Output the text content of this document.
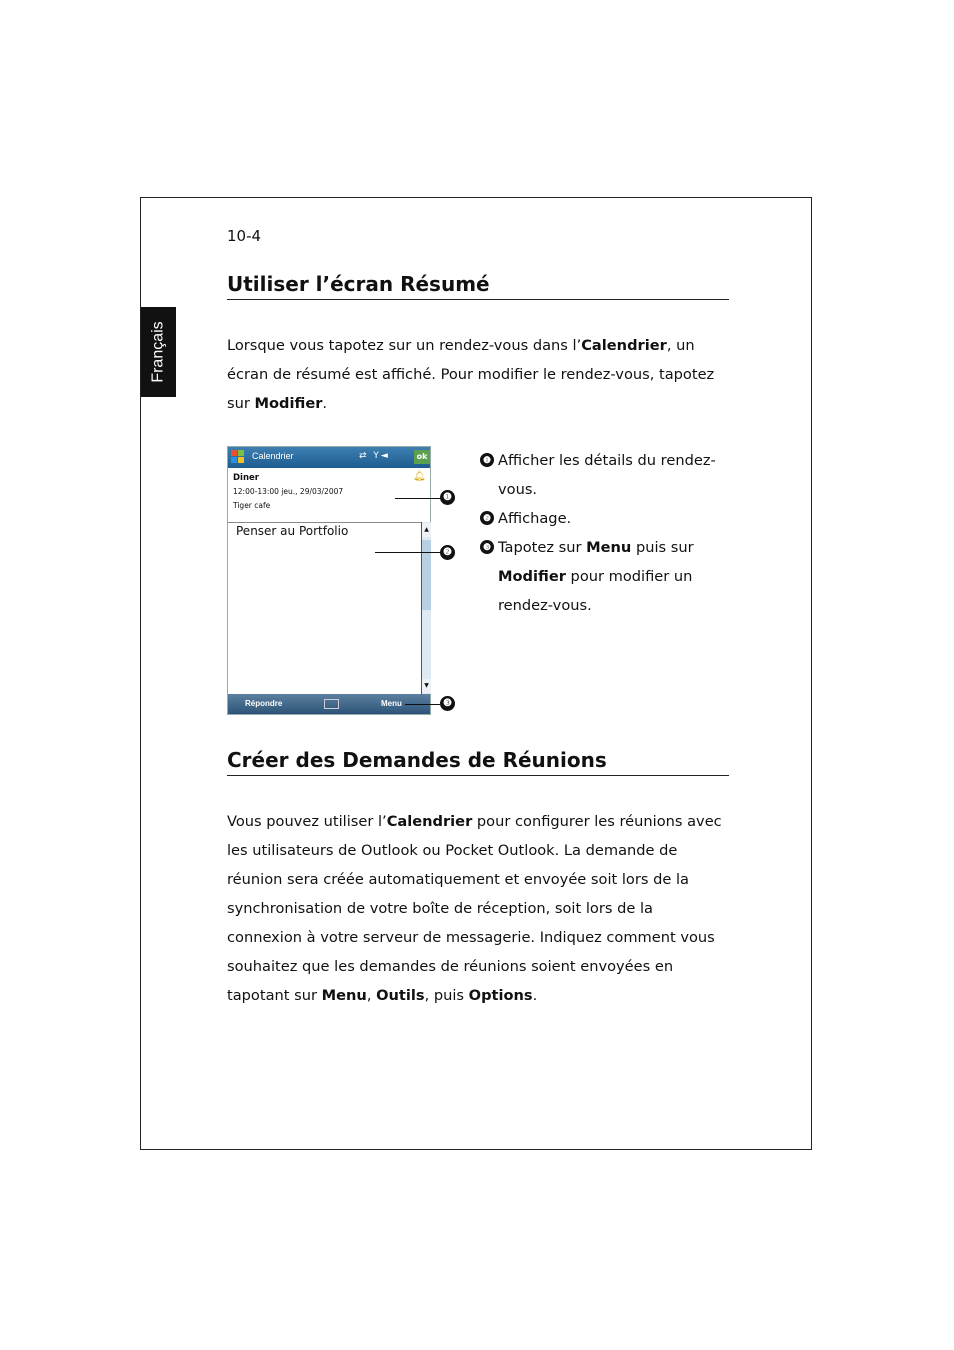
Français
10-4
Utiliser l’écran Résumé
Lorsque vous tapotez sur un rendez-vous dans l’Calendrier, un écran de résumé est affiché. Pour modifier le rendez-vous, tapotez sur Modifier.
Calendrier	⇄ Y◄	ok
Diner
12:00-13:00 jeu., 29/03/2007
Tiger cafe
🔔︎
Penser au Portfolio	▲
▼
Répondre	Menu
❶
❷
❸
❶ Afficher les détails du rendez-vous.
❷ Affichage.
❸ Tapotez sur Menu puis sur Modifier pour modifier un rendez-vous.
Créer des Demandes de Réunions
Vous pouvez utiliser l’Calendrier pour configurer les réunions avec les utilisateurs de Outlook ou Pocket Outlook. La demande de réunion sera créée automatiquement et envoyée soit lors de la synchronisation de votre boîte de réception, soit lors de la connexion à votre serveur de messagerie. Indiquez comment vous souhaitez que les demandes de réunions soient envoyées en tapotant sur Menu, Outils, puis Options.
